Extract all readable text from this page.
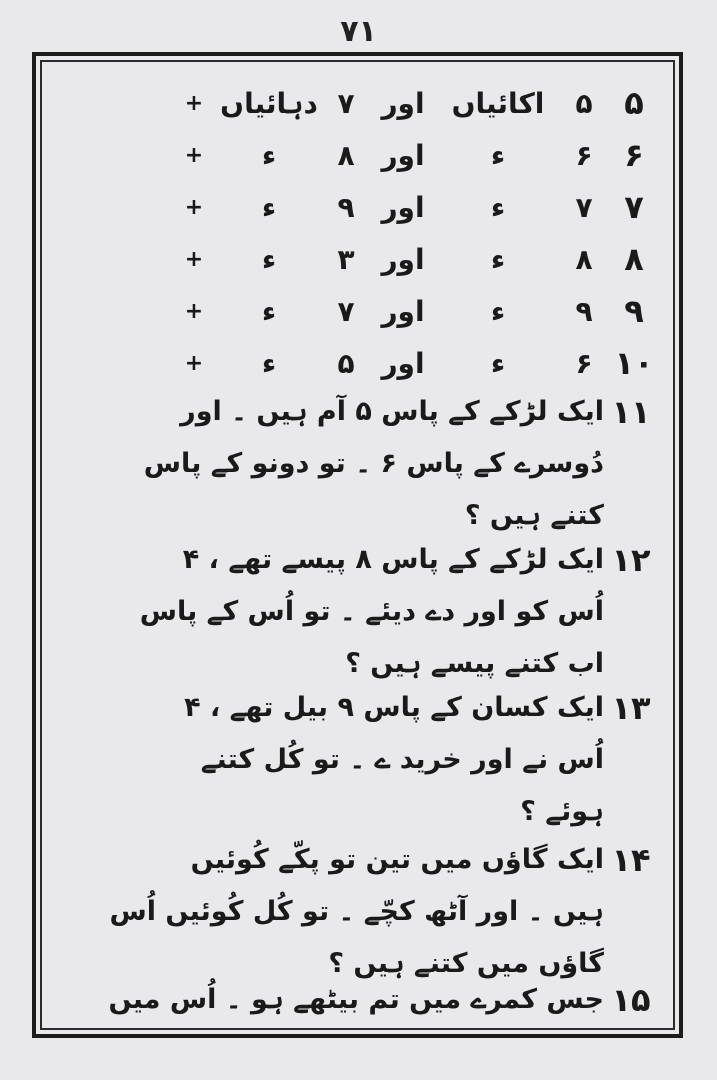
۷۱
۵
۵
اکائیاں
اور
۷
دہائیاں
+
۶
۶
ء
اور
۸
ء
+
۷
۷
ء
اور
۹
ء
+
۸
۸
ء
اور
۳
ء
+
۹
۹
ء
اور
۷
ء
+
۱۰
۶
ء
اور
۵
ء
+
۱۱
ایک لڑکے کے پاس ۵ آم ہیں ۔ اور
دُوسرے کے پاس ۶ ۔ تو دونو کے پاس
کتنے ہیں ؟
۱۲
ایک لڑکے کے پاس ۸ پیسے تھے ، ۴
اُس کو اور دے دیئے ۔ تو اُس کے پاس
اب کتنے پیسے ہیں ؟
۱۳
ایک کسان کے پاس ۹ بیل تھے ، ۴
اُس نے اور خرید ے ۔ تو کُل کتنے
ہوئے ؟
۱۴
ایک گاؤں میں تین تو پکّے کُوئیں
ہیں ۔ اور آٹھ کچّے ۔ تو کُل کُوئیں اُس
گاؤں میں کتنے ہیں ؟
۱۵
جس کمرے میں تم بیٹھے ہو ۔ اُس میں
